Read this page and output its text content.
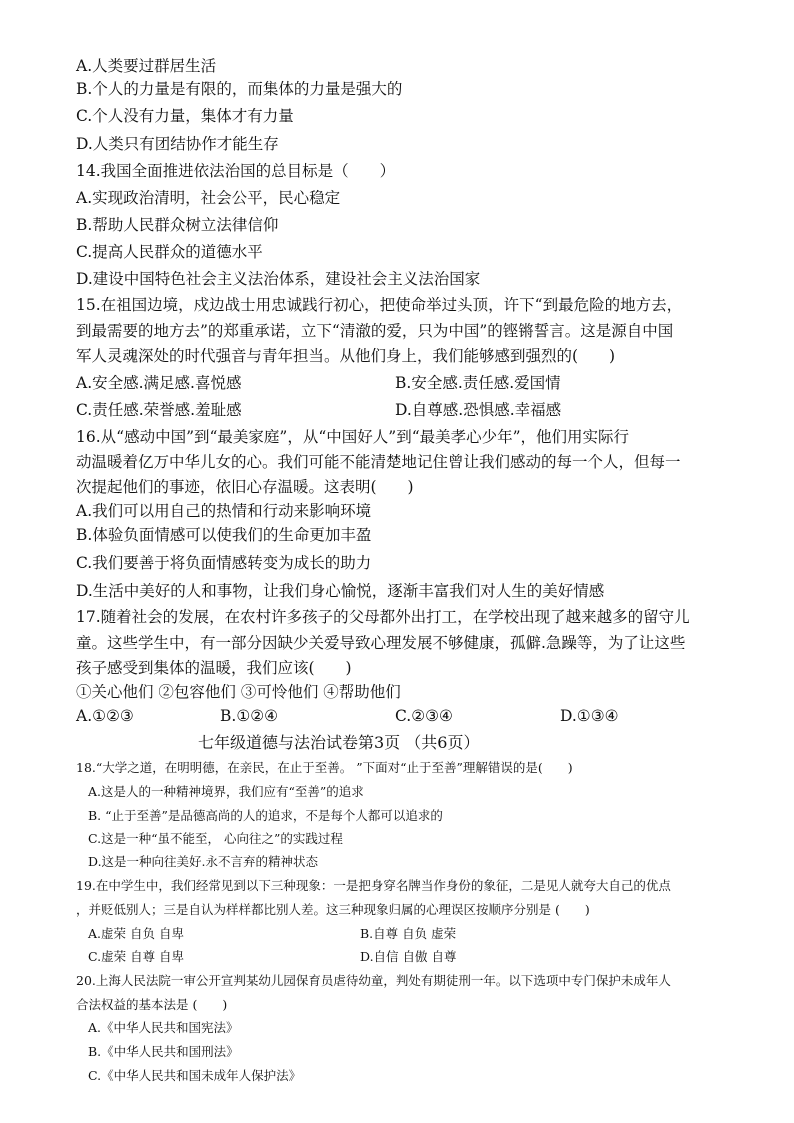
A.人类要过群居生活
B.个人的力量是有限的，而集体的力量是强大的
C.个人没有力量，集体才有力量
D.人类只有团结协作才能生存
14.我国全面推进依法治国的总目标是（　　）
A.实现政治清明，社会公平，民心稳定
B.帮助人民群众树立法律信仰
C.提高人民群众的道德水平
D.建设中国特色社会主义法治体系，建设社会主义法治国家
15.在祖国边境，戍边战士用忠诚践行初心，把使命举过头顶，许下“到最危险的地方去，
到最需要的地方去”的郑重承诺，立下“清澈的爱，只为中国”的铿锵誓言。这是源自中国
军人灵魂深处的时代强音与青年担当。从他们身上，我们能够感到强烈的(　　)
A.安全感.满足感.喜悦感	B.安全感.责任感.爱国情
C.责任感.荣誉感.羞耻感	D.自尊感.恐惧感.幸福感
16.从“感动中国”到“最美家庭”，从“中国好人”到“最美孝心少年”，他们用实际行
动温暖着亿万中华儿女的心。我们可能不能清楚地记住曾让我们感动的每一个人，但每一
次提起他们的事迹，依旧心存温暖。这表明(　　)
A.我们可以用自己的热情和行动来影响环境
B.体验负面情感可以使我们的生命更加丰盈
C.我们要善于将负面情感转变为成长的助力
D.生活中美好的人和事物，让我们身心愉悦，逐渐丰富我们对人生的美好情感
17.随着社会的发展，在农村许多孩子的父母都外出打工，在学校出现了越来越多的留守儿
童。这些学生中，有一部分因缺少关爱导致心理发展不够健康，孤僻.急躁等，为了让这些
孩子感受到集体的温暖，我们应该(　　)
①关心他们 ②包容他们 ③可怜他们 ④帮助他们
A.①②③	B.①②④	C.②③④	D.①③④
七年级道德与法治试卷第3页 （共6页）
18.“大学之道，在明明德，在亲民，在止于至善。 ”下面对“止于至善”理解错误的是(　　)
A.这是人的一种精神境界，我们应有“至善”的追求
B. “止于至善”是品德高尚的人的追求，不是每个人都可以追求的
C.这是一种“虽不能至， 心向往之”的实践过程
D.这是一种向往美好.永不言弃的精神状态
19.在中学生中，我们经常见到以下三种现象：一是把身穿名牌当作身份的象征，二是见人就夸大自己的优点
，并贬低别人；三是自认为样样都比别人差。这三种现象归属的心理误区按顺序分别是 (　　)
A.虚荣 自负 自卑	B.自尊 自负 虚荣
C.虚荣 自尊 自卑	D.自信 自傲 自尊
20.上海人民法院一审公开宣判某幼儿园保育员虐待幼童，判处有期徒刑一年。以下选项中专门保护未成年人
合法权益的基本法是 (　　)
A.《中华人民共和国宪法》
B.《中华人民共和国刑法》
C.《中华人民共和国未成年人保护法》
